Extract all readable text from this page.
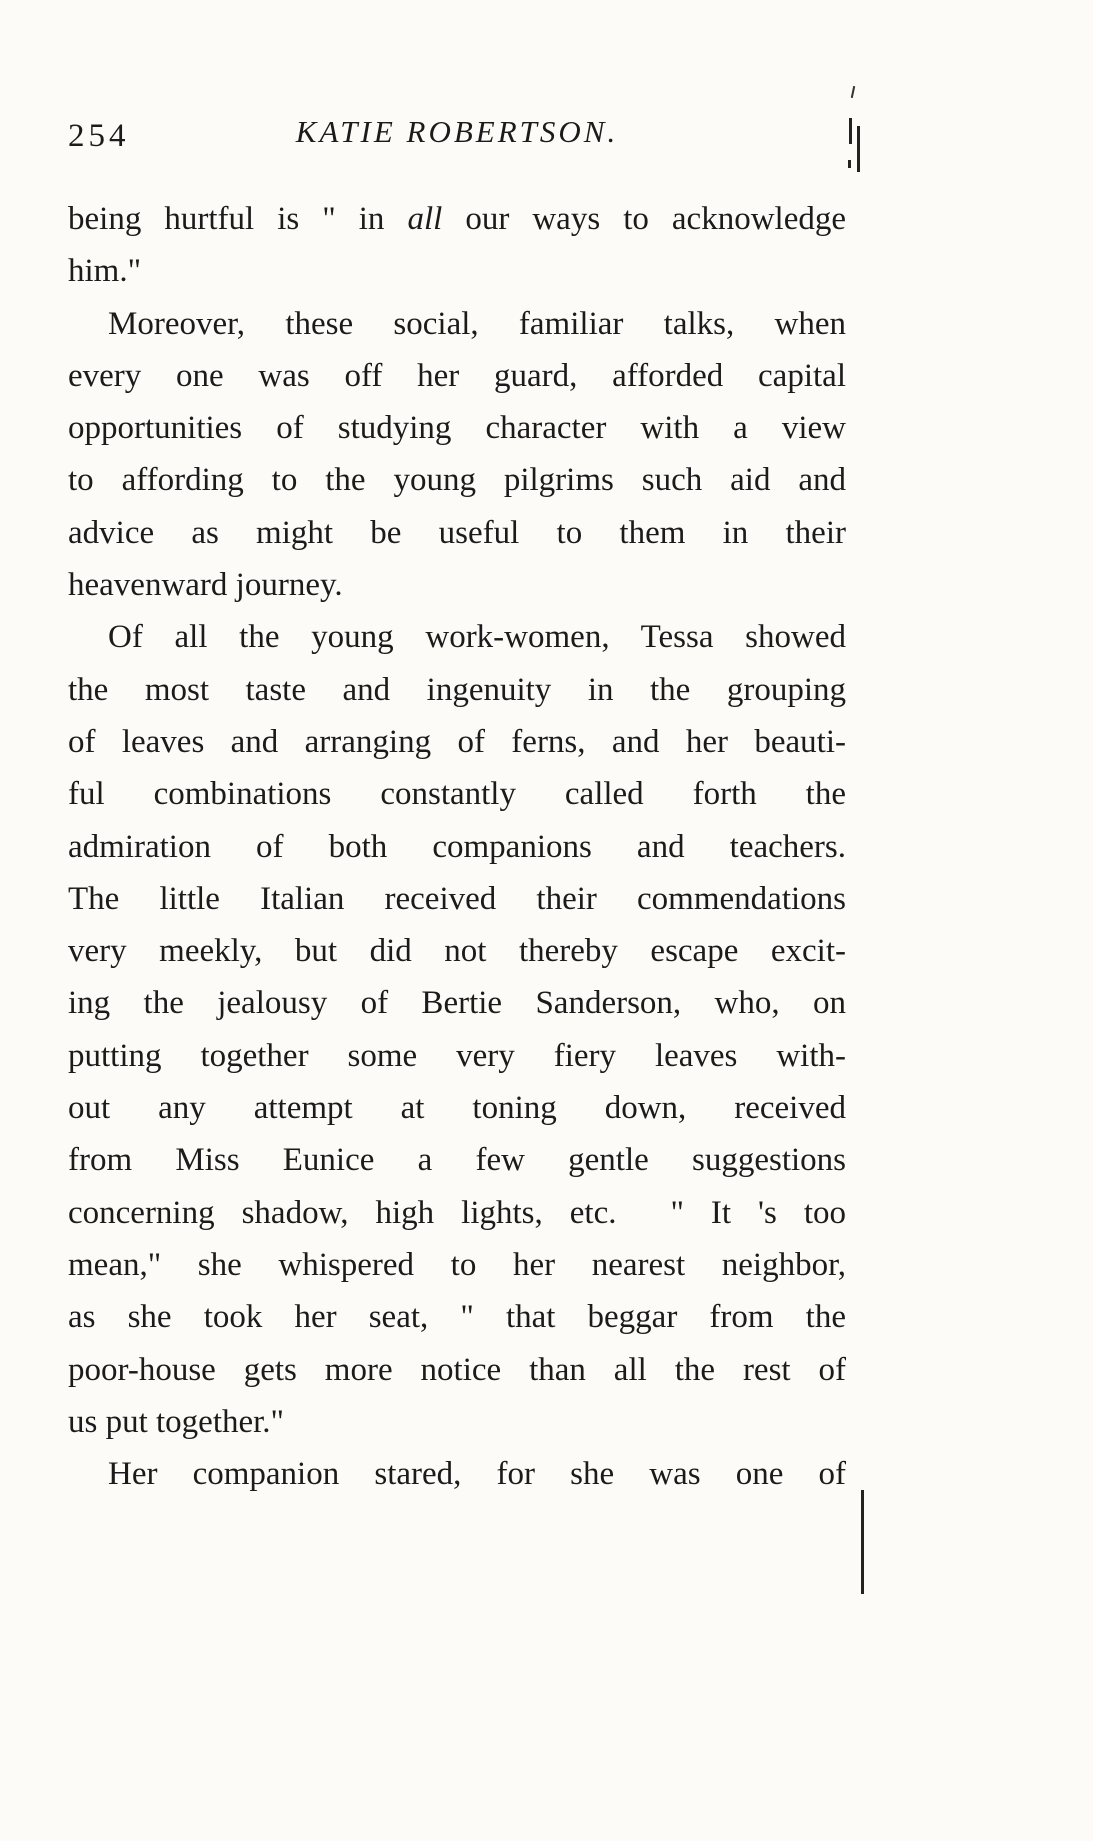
254	KATIE ROBERTSON.
being hurtful is " in all our ways to acknowledge
him."
Moreover, these social, familiar talks, when
every one was off her guard, afforded capital
opportunities of studying character with a view
to affording to the young pilgrims such aid and
advice as might be useful to them in their
heavenward journey.
Of all the young work-women, Tessa showed
the most taste and ingenuity in the grouping
of leaves and arranging of ferns, and her beauti-
ful combinations constantly called forth the
admiration of both companions and teachers.
The little Italian received their commendations
very meekly, but did not thereby escape excit-
ing the jealousy of Bertie Sanderson, who, on
putting together some very fiery leaves with-
out any attempt at toning down, received
from Miss Eunice a few gentle suggestions
concerning shadow, high lights, etc.  " It 's too
mean," she whispered to her nearest neighbor,
as she took her seat, " that beggar from the
poor-house gets more notice than all the rest of
us put together."
Her companion stared, for she was one of
